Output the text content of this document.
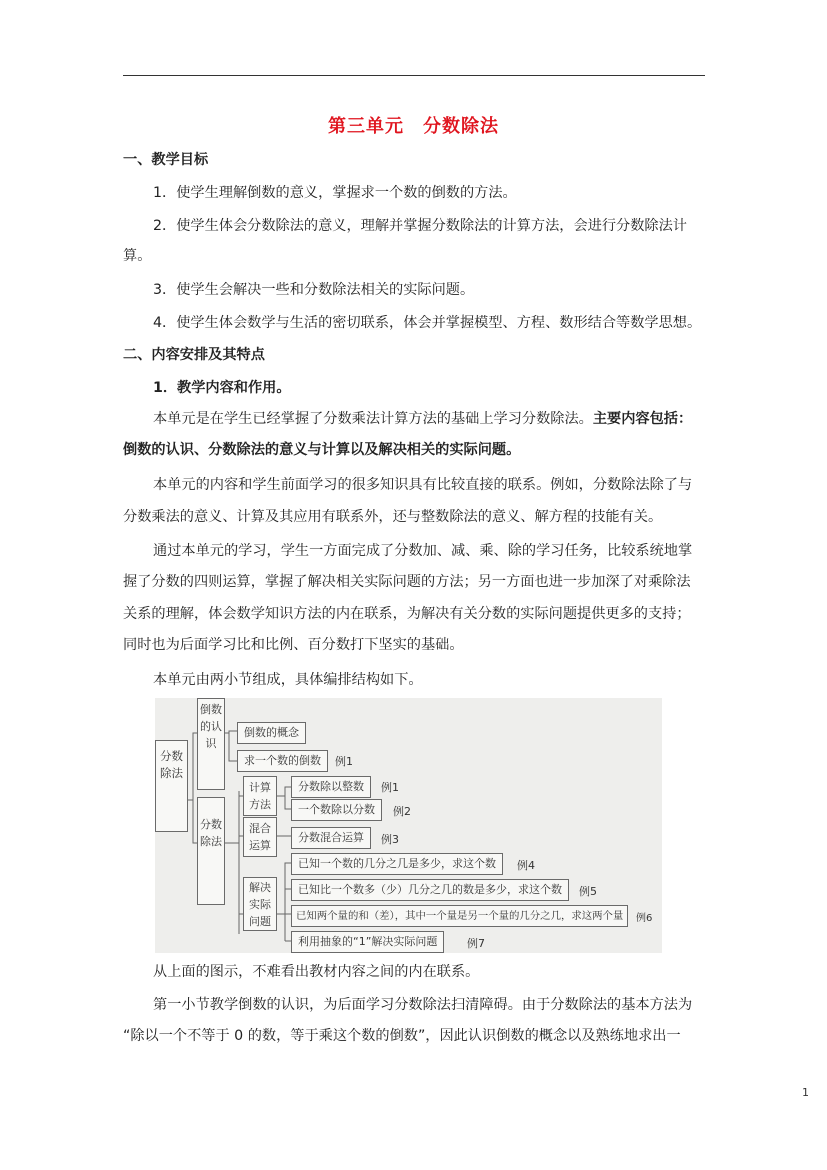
第三单元　分数除法
一、教学目标
1．使学生理解倒数的意义，掌握求一个数的倒数的方法。
2．使学生体会分数除法的意义，理解并掌握分数除法的计算方法，会进行分数除法计
算。
3．使学生会解决一些和分数除法相关的实际问题。
4．使学生体会数学与生活的密切联系，体会并掌握模型、方程、数形结合等数学思想。
二、内容安排及其特点
1．教学内容和作用。
本单元是在学生已经掌握了分数乘法计算方法的基础上学习分数除法。主要内容包括：
倒数的认识、分数除法的意义与计算以及解决相关的实际问题。
本单元的内容和学生前面学习的很多知识具有比较直接的联系。例如，分数除法除了与
分数乘法的意义、计算及其应用有联系外，还与整数除法的意义、解方程的技能有关。
通过本单元的学习，学生一方面完成了分数加、减、乘、除的学习任务，比较系统地掌
握了分数的四则运算，掌握了解决相关实际问题的方法；另一方面也进一步加深了对乘除法
关系的理解，体会数学知识方法的内在联系，为解决有关分数的实际问题提供更多的支持；
同时也为后面学习比和比例、百分数打下坚实的基础。
本单元由两小节组成，具体编排结构如下。
分数除法
倒数的认识
分数除法
计算方法
混合运算
解决实际问题
倒数的概念
求一个数的倒数	例1
分数除以整数	例1
一个数除以分数	例2
分数混合运算	例3
已知一个数的几分之几是多少，求这个数	例4
已知比一个数多（少）几分之几的数是多少，求这个数	例5
已知两个量的和（差），其中一个量是另一个量的几分之几，求这两个量	例6
利用抽象的“1”解决实际问题	例7
从上面的图示，不难看出教材内容之间的内在联系。
第一小节教学倒数的认识，为后面学习分数除法扫清障碍。由于分数除法的基本方法为
“除以一个不等于 0 的数，等于乘这个数的倒数”，因此认识倒数的概念以及熟练地求出一
1
